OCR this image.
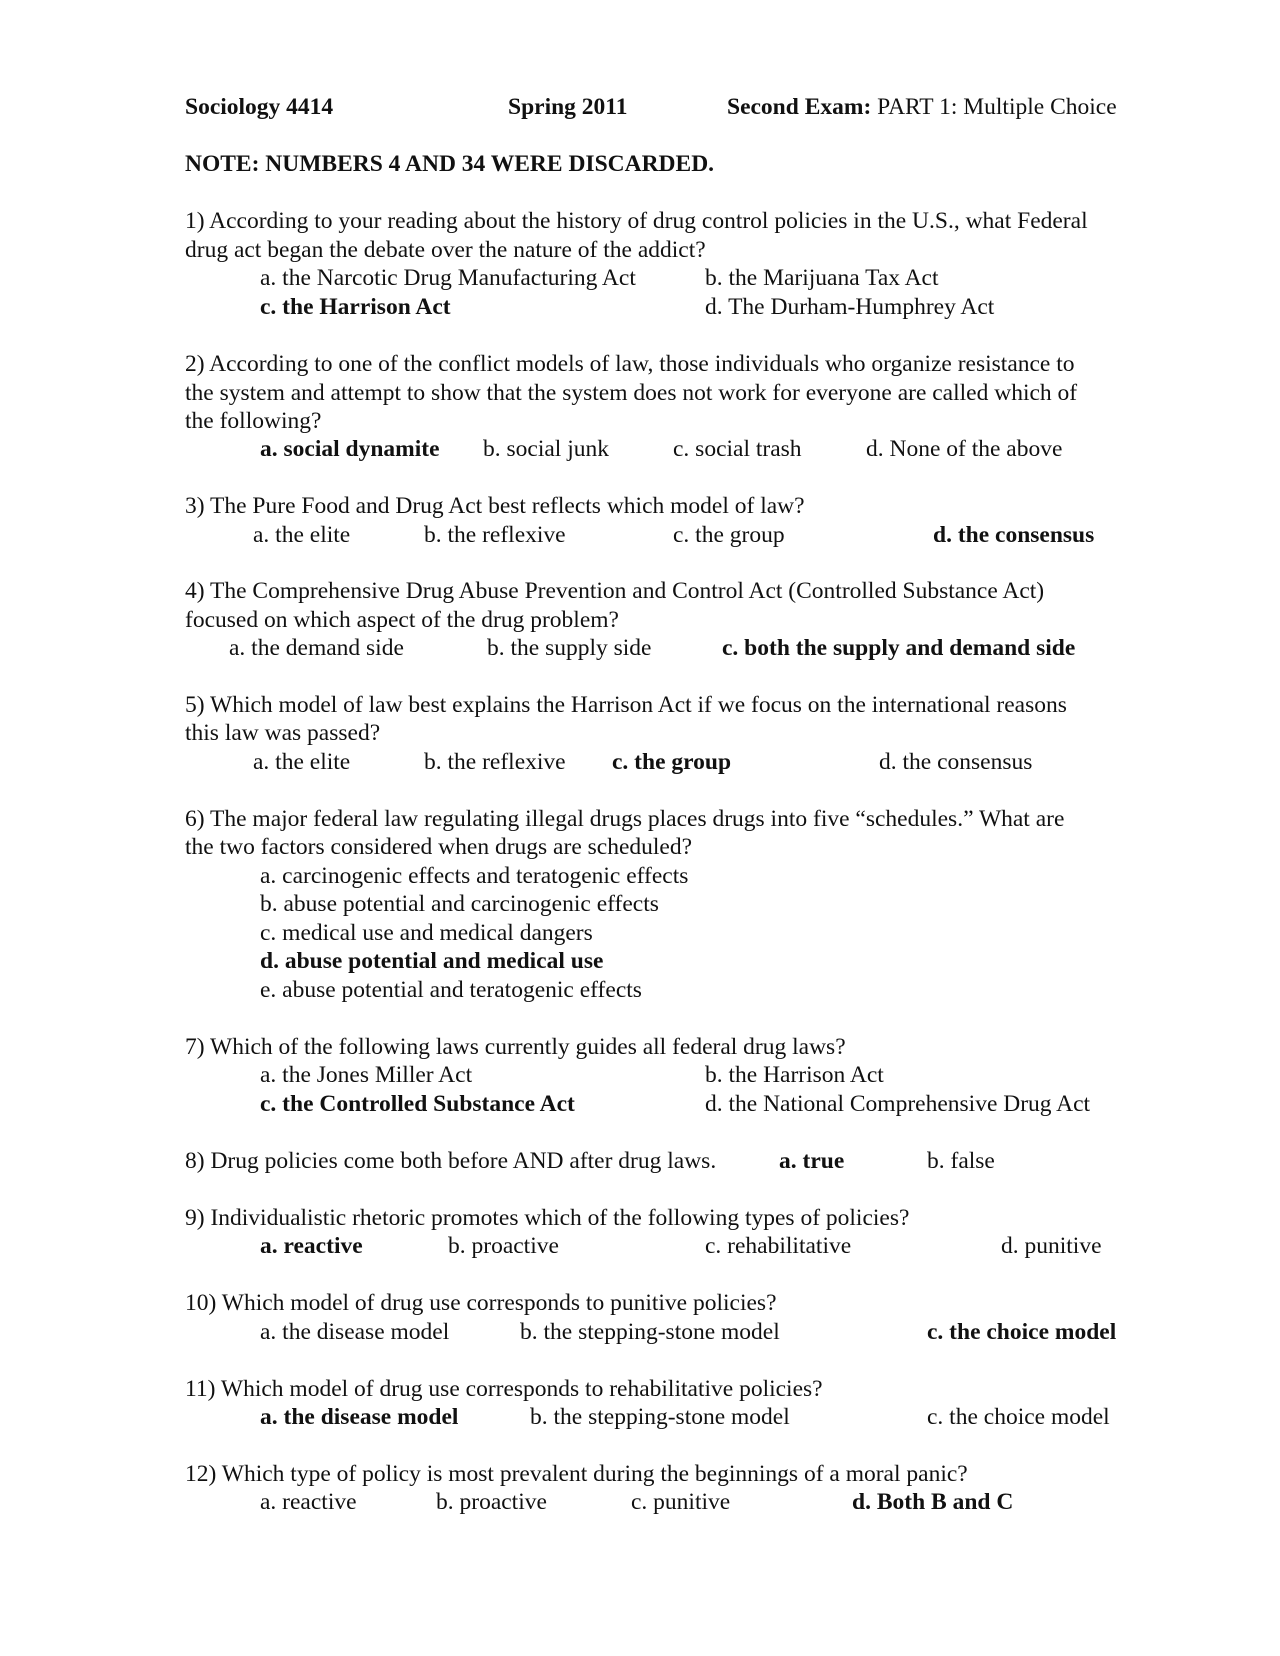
Sociology 4414	Spring 2011	Second Exam: PART 1: Multiple Choice
NOTE: NUMBERS 4 AND 34 WERE DISCARDED.
1) According to your reading about the history of drug control policies in the U.S., what Federal
drug act began the debate over the nature of the addict?
a. the Narcotic Drug Manufacturing Act	b. the Marijuana Tax Act
c. the Harrison Act	d. The Durham-Humphrey Act
2) According to one of the conflict models of law, those individuals who organize resistance to
the system and attempt to show that the system does not work for everyone are called which of
the following?
a. social dynamite b. social junk	c. social trash	d. None of the above
3) The Pure Food and Drug Act best reflects which model of law?
a. the elite	b. the reflexive	c. the group	d. the consensus
4) The Comprehensive Drug Abuse Prevention and Control Act (Controlled Substance Act)
focused on which aspect of the drug problem?
a. the demand side	b. the supply side	c. both the supply and demand side
5) Which model of law best explains the Harrison Act if we focus on the international reasons
this law was passed?
a. the elite	b. the reflexive c. the group	d. the consensus
6) The major federal law regulating illegal drugs places drugs into five “schedules.” What are
the two factors considered when drugs are scheduled?
a. carcinogenic effects and teratogenic effects
b. abuse potential and carcinogenic effects
c. medical use and medical dangers
d. abuse potential and medical use
e. abuse potential and teratogenic effects
7) Which of the following laws currently guides all federal drug laws?
a. the Jones Miller Act	b. the Harrison Act
c. the Controlled Substance Act	d. the National Comprehensive Drug Act
8) Drug policies come both before AND after drug laws.	a. true	b. false
9) Individualistic rhetoric promotes which of the following types of policies?
a. reactive	b. proactive	c. rehabilitative	d. punitive
10) Which model of drug use corresponds to punitive policies?
a. the disease model	b. the stepping-stone model	c. the choice model
11) Which model of drug use corresponds to rehabilitative policies?
a. the disease model	b. the stepping-stone model	c. the choice model
12) Which type of policy is most prevalent during the beginnings of a moral panic?
a. reactive	b. proactive	c. punitive	d. Both B and C
